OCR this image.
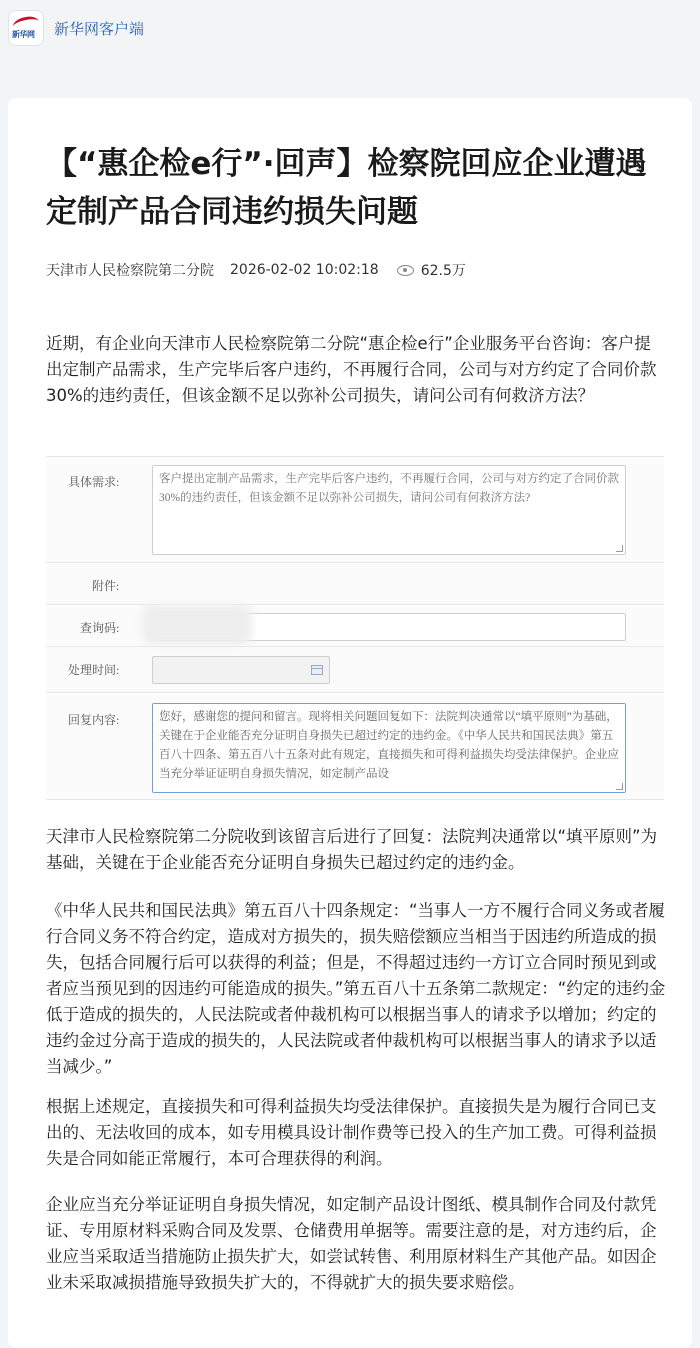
新华网 新华网客户端
【“惠企检e行”·回声】检察院回应企业遭遇定制产品合同违约损失问题
天津市人民检察院第二分院 2026-02-02 10:02:18	62.5万

近期，有企业向天津市人民检察院第二分院“惠企检e行”企业服务平台咨询：客户提出定制产品需求，生产完毕后客户违约，不再履行合同，公司与对方约定了合同价款30%的违约责任，但该金额不足以弥补公司损失，请问公司有何救济方法？

具体需求:	客户提出定制产品需求，生产完毕后客户违约，不再履行合同，公司与对方约定了合同价款30%的违约责任，但该金额不足以弥补公司损失，请问公司有何救济方法?
附件:
查询码:
处理时间:
回复内容:	您好，感谢您的提问和留言。现将相关问题回复如下：法院判决通常以“填平原则”为基础，关键在于企业能否充分证明自身损失已超过约定的违约金。《中华人民共和国民法典》第五百八十四条、第五百八十五条对此有规定，直接损失和可得利益损失均受法律保护。企业应当充分举证证明自身损失情况，如定制产品设

天津市人民检察院第二分院收到该留言后进行了回复：法院判决通常以“填平原则”为基础，关键在于企业能否充分证明自身损失已超过约定的违约金。

《中华人民共和国民法典》第五百八十四条规定：“当事人一方不履行合同义务或者履行合同义务不符合约定，造成对方损失的，损失赔偿额应当相当于因违约所造成的损失，包括合同履行后可以获得的利益；但是，不得超过违约一方订立合同时预见到或者应当预见到的因违约可能造成的损失。”第五百八十五条第二款规定：“约定的违约金低于造成的损失的，人民法院或者仲裁机构可以根据当事人的请求予以增加；约定的违约金过分高于造成的损失的，人民法院或者仲裁机构可以根据当事人的请求予以适当减少。”

根据上述规定，直接损失和可得利益损失均受法律保护。直接损失是为履行合同已支出的、无法收回的成本，如专用模具设计制作费等已投入的生产加工费。可得利益损失是合同如能正常履行，本可合理获得的利润。

企业应当充分举证证明自身损失情况，如定制产品设计图纸、模具制作合同及付款凭证、专用原材料采购合同及发票、仓储费用单据等。需要注意的是，对方违约后，企业应当采取适当措施防止损失扩大，如尝试转售、利用原材料生产其他产品。如因企业未采取减损措施导致损失扩大的，不得就扩大的损失要求赔偿。
